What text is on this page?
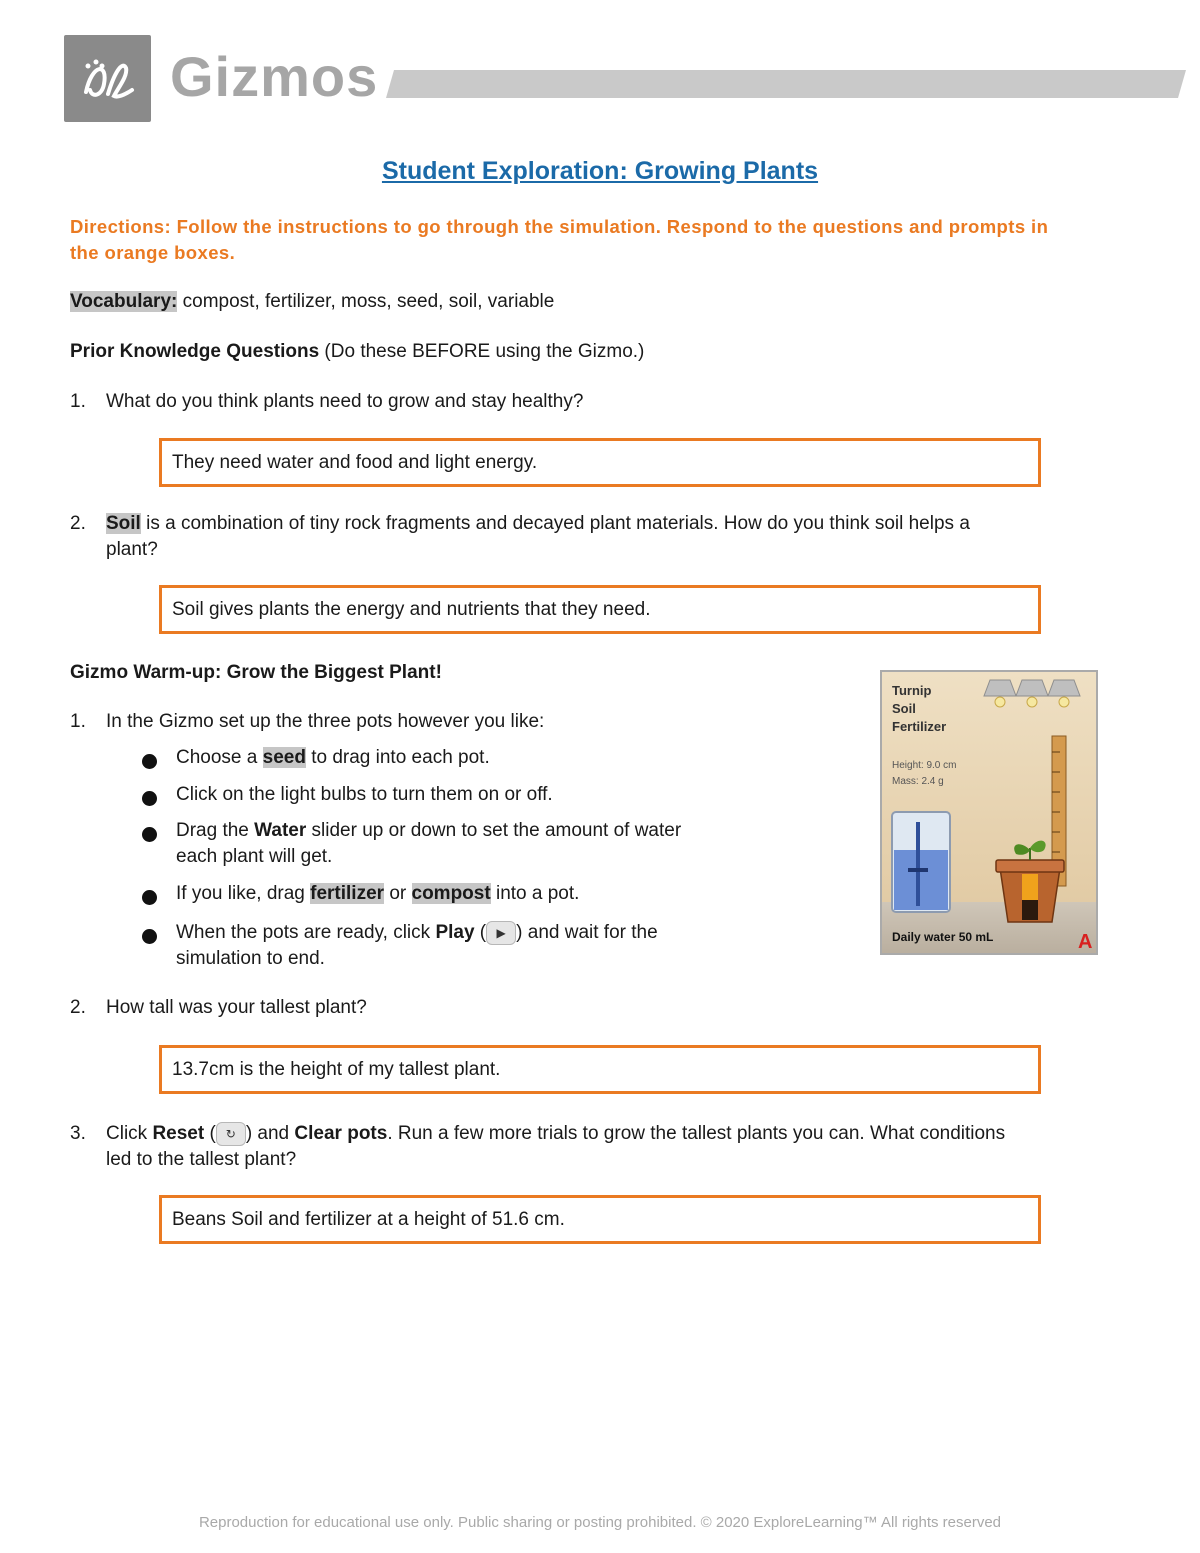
Gizmos
Student Exploration: Growing Plants
Directions: Follow the instructions to go through the simulation. Respond to the questions and prompts in the orange boxes.
Vocabulary: compost, fertilizer, moss, seed, soil, variable
Prior Knowledge Questions (Do these BEFORE using the Gizmo.)
1. What do you think plants need to grow and stay healthy?
They need water and food and light energy.
2. Soil is a combination of tiny rock fragments and decayed plant materials. How do you think soil helps a
plant?
Soil gives plants the energy and nutrients that they need.
Gizmo Warm-up: Grow the Biggest Plant!
1. In the Gizmo set up the three pots however you like:
Choose a seed to drag into each pot.
Click on the light bulbs to turn them on or off.
Drag the Water slider up or down to set the amount of water
each plant will get.
If you like, drag fertilizer or compost into a pot.
When the pots are ready, click Play ( ▶ ) and wait for the
simulation to end.
Turnip
Soil
Fertilizer
Height: 9.0 cm
Mass: 2.4 g
A
Daily water 50 mL
2. How tall was your tallest plant?
13.7cm is the height of my tallest plant.
3. Click Reset ( ↻ ) and Clear pots. Run a few more trials to grow the tallest plants you can. What conditions
led to the tallest plant?
Beans Soil and fertilizer at a height of 51.6 cm.
Reproduction for educational use only. Public sharing or posting prohibited. © 2020 ExploreLearning™ All rights reserved
